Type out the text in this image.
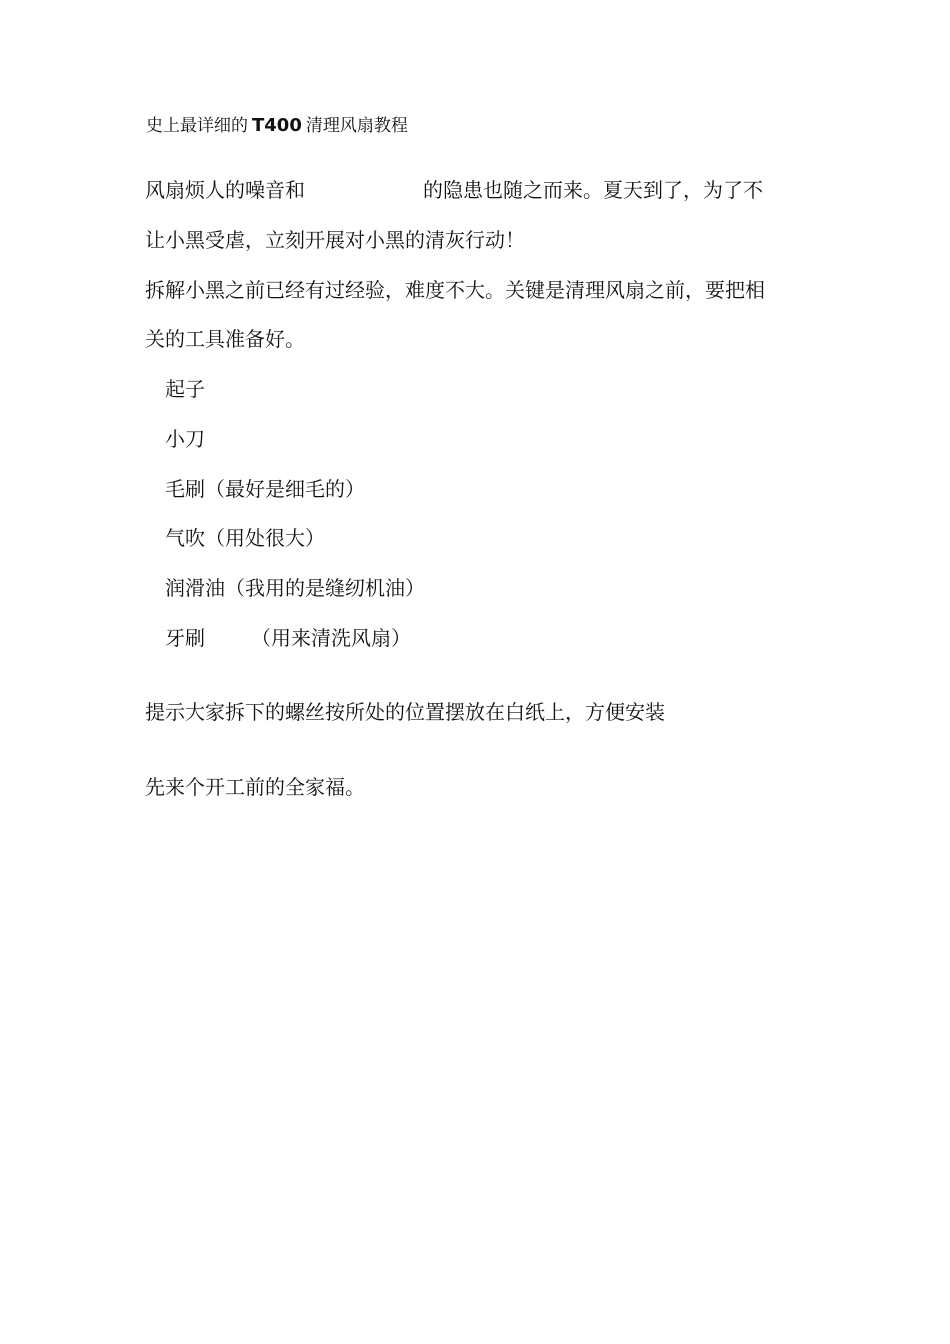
史上最详细的 T400 清理风扇教程
风扇烦人的噪音和	的隐患也随之而来。夏天到了，为了不
让小黑受虐，立刻开展对小黑的清灰行动！
拆解小黑之前已经有过经验，难度不大。关键是清理风扇之前，要把相
关的工具准备好。
起子
小刀
毛刷（最好是细毛的）
气吹（用处很大）
润滑油（我用的是缝纫机油）
牙刷 （用来清洗风扇）
提示大家拆下的螺丝按所处的位置摆放在白纸上，方便安装
先来个开工前的全家福。
